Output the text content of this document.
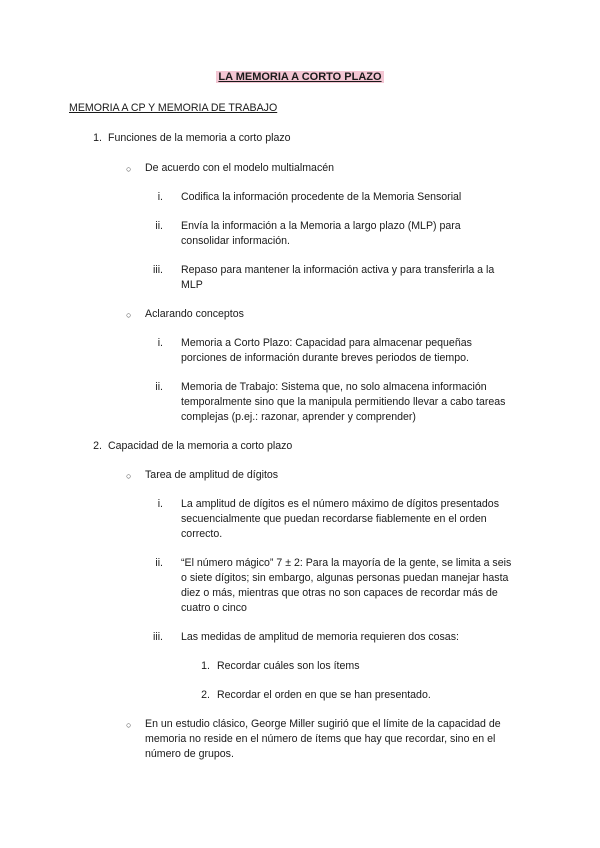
LA MEMORIA A CORTO PLAZO
MEMORIA A CP Y MEMORIA DE TRABAJO
1. Funciones de la memoria a corto plazo
○ De acuerdo con el modelo multialmacén
i. Codifica la información procedente de la Memoria Sensorial
ii. Envía la información a la Memoria a largo plazo (MLP) para
consolidar información.
iii. Repaso para mantener la información activa y para transferirla a la
MLP
○ Aclarando conceptos
i. Memoria a Corto Plazo: Capacidad para almacenar pequeñas
porciones de información durante breves periodos de tiempo.
ii. Memoria de Trabajo: Sistema que, no solo almacena información
temporalmente sino que la manipula permitiendo llevar a cabo tareas
complejas (p.ej.: razonar, aprender y comprender)
2. Capacidad de la memoria a corto plazo
○ Tarea de amplitud de dígitos
i. La amplitud de dígitos es el número máximo de dígitos presentados
secuencialmente que puedan recordarse fiablemente en el orden
correcto.
ii. “El número mágico” 7 ± 2: Para la mayoría de la gente, se limita a seis
o siete dígitos; sin embargo, algunas personas puedan manejar hasta
diez o más, mientras que otras no son capaces de recordar más de
cuatro o cinco
iii. Las medidas de amplitud de memoria requieren dos cosas:
1. Recordar cuáles son los ítems
2. Recordar el orden en que se han presentado.
○ En un estudio clásico, George Miller sugirió que el límite de la capacidad de
memoria no reside en el número de ítems que hay que recordar, sino en el
número de grupos.
